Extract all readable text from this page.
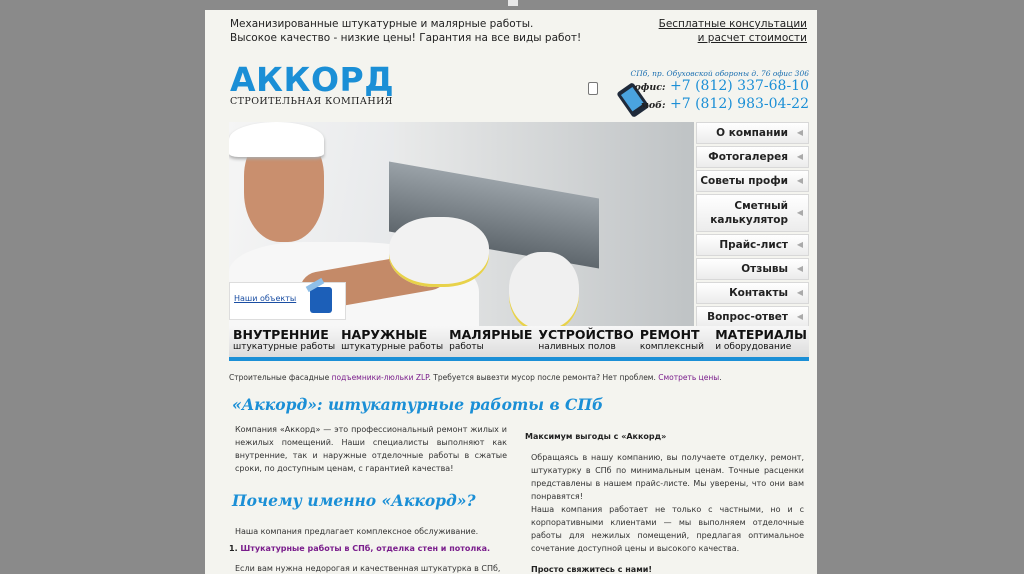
Механизированные штукатурные и малярные работы.
Высокое качество - низкие цены! Гарантия на все виды работ!
Бесплатные консультации
и расчет стоимости
АККОРД
СТРОИТЕЛЬНАЯ КОМПАНИЯ
СПб, пр. Обуховской обороны д. 76 офис 306
офис: +7 (812) 337-68-10
моб: +7 (812) 983-04-22
Наши объекты
О компании ◀
Фотогалерея ◀
Советы профи ◀
Сметный калькулятор
◀
Прайс-лист ◀
Отзывы ◀
Контакты ◀
Вопрос-ответ ◀
ВНУТРЕННИЕ
штукатурные работы
НАРУЖНЫЕ
штукатурные работы
МАЛЯРНЫЕ
работы
УСТРОЙСТВО
наливных полов
РЕМОНТ
комплексный
МАТЕРИАЛЫ
и оборудование
Строительные фасадные подъемники-люльки ZLP. Требуется вывезти мусор после ремонта? Нет проблем. Смотреть цены.
«Аккорд»: штукатурные работы в СПб
Компания «Аккорд» — это профессиональный ремонт жилых и нежилых помещений. Наши специалисты выполняют как внутренние, так и наружные отделочные работы в сжатые сроки, по доступным ценам, с гарантией качества!
Почему именно «Аккорд»?
Наша компания предлагает комплексное обслуживание.
1. Штукатурные работы в СПб, отделка стен и потолка.
Если вам нужна недорогая и качественная штукатурка в СПб,
Максимум выгоды с «Аккорд»
Обращаясь в нашу компанию, вы получаете отделку, ремонт, штукатурку в СПб по минимальным ценам. Точные расценки представлены в нашем прайс-листе. Мы уверены, что они вам понравятся!
Наша компания работает не только с частными, но и с корпоративными клиентами — мы выполняем отделочные работы для нежилых помещений, предлагая оптимальное сочетание доступной цены и высокого качества.
Просто свяжитесь с нами!
